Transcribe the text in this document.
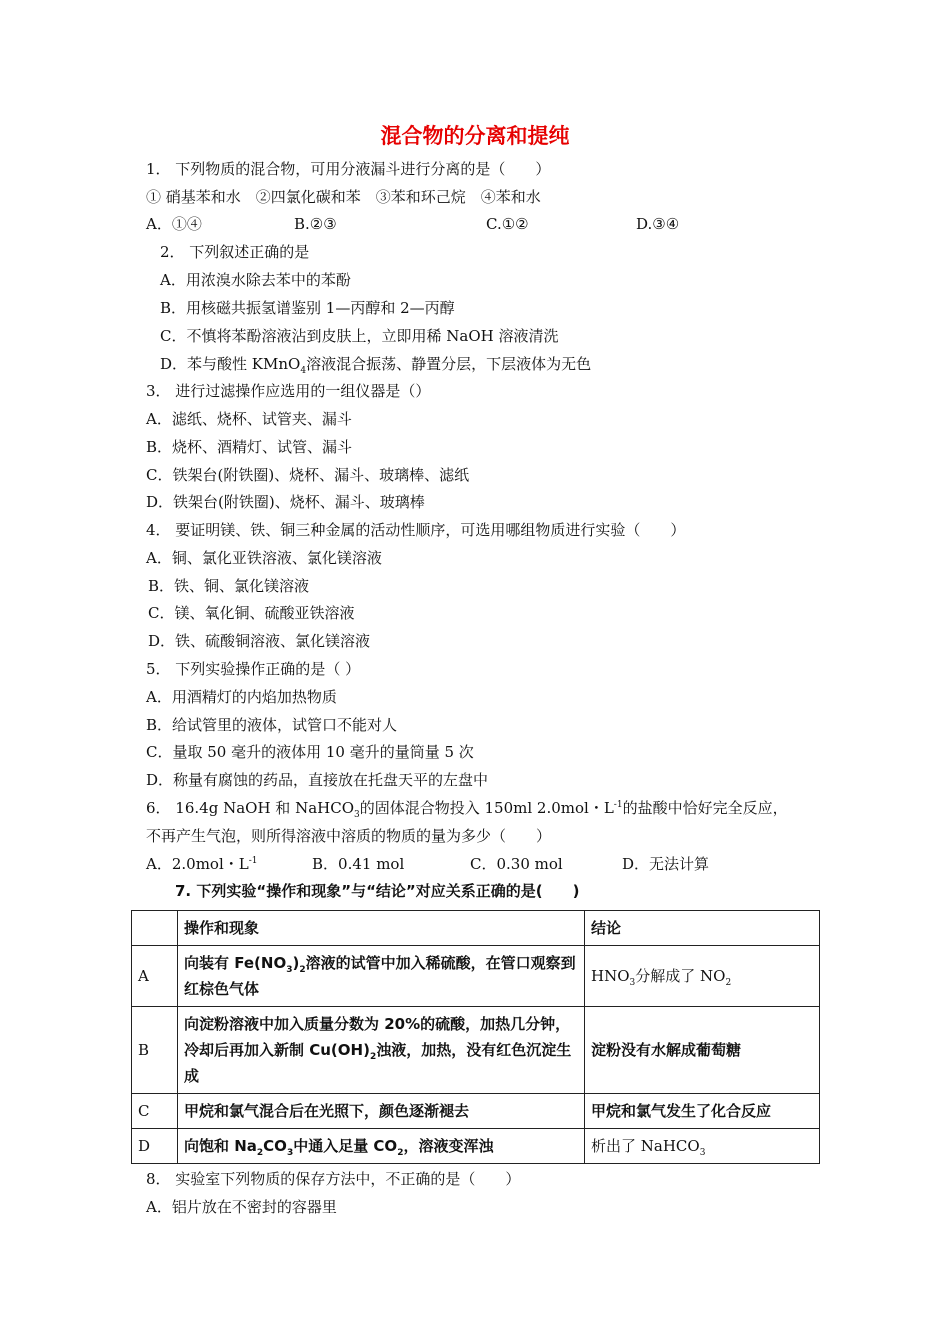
混合物的分离和提纯
1． 下列物质的混合物，可用分液漏斗进行分离的是（　　）
① 硝基苯和水　②四氯化碳和苯　③苯和环己烷　④苯和水
A．①④	B.②③	C.①②	D.③④
2． 下列叙述正确的是
A．用浓溴水除去苯中的苯酚
B．用核磁共振氢谱鉴别 1—丙醇和 2—丙醇
C．不慎将苯酚溶液沾到皮肤上，立即用稀 NaOH 溶液清洗
D．苯与酸性 KMnO$_4$溶液混合振荡、静置分层，下层液体为无色
3． 进行过滤操作应选用的一组仪器是（）
A．滤纸、烧杯、试管夹、漏斗
B．烧杯、酒精灯、试管、漏斗
C．铁架台(附铁圈)、烧杯、漏斗、玻璃棒、滤纸
D．铁架台(附铁圈)、烧杯、漏斗、玻璃棒
4． 要证明镁、铁、铜三种金属的活动性顺序，可选用哪组物质进行实验（　　）
A．铜、氯化亚铁溶液、氯化镁溶液
B．铁、铜、氯化镁溶液
C．镁、氧化铜、硫酸亚铁溶液
D．铁、硫酸铜溶液、氯化镁溶液
5． 下列实验操作正确的是（ ）
A．用酒精灯的内焰加热物质
B．给试管里的液体，试管口不能对人
C．量取 50 毫升的液体用 10 毫升的量筒量 5 次
D．称量有腐蚀的药品，直接放在托盘天平的左盘中
6． 16.4g NaOH 和 NaHCO$_3$的固体混合物投入 150ml 2.0mol・$L^{-1}$的盐酸中恰好完全反应，
不再产生气泡，则所得溶液中溶质的物质的量为多少（　　）
A．2.0mol・$L^{-1}$	B．0.41 mol	C．0.30 mol	D．无法计算
7. 下列实验“操作和现象”与“结论”对应关系正确的是(　　)
	操作和现象	结论
A	向装有 $Fe(NO_3)_2$溶液的试管中加入稀硫酸，在管口观察到红棕色气体	$HNO_3$分解成了 $NO_2$
B	向淀粉溶液中加入质量分数为 20%的硫酸，加热几分钟，冷却后再加入新制 $Cu(OH)_2$浊液，加热，没有红色沉淀生成	淀粉没有水解成葡萄糖
C	甲烷和氯气混合后在光照下，颜色逐渐褪去	甲烷和氯气发生了化合反应
D	向饱和 $Na_2CO_3$中通入足量 $CO_2$，溶液变浑浊	析出了 NaHCO$_3$
8． 实验室下列物质的保存方法中，不正确的是（　　）
A．铝片放在不密封的容器里
